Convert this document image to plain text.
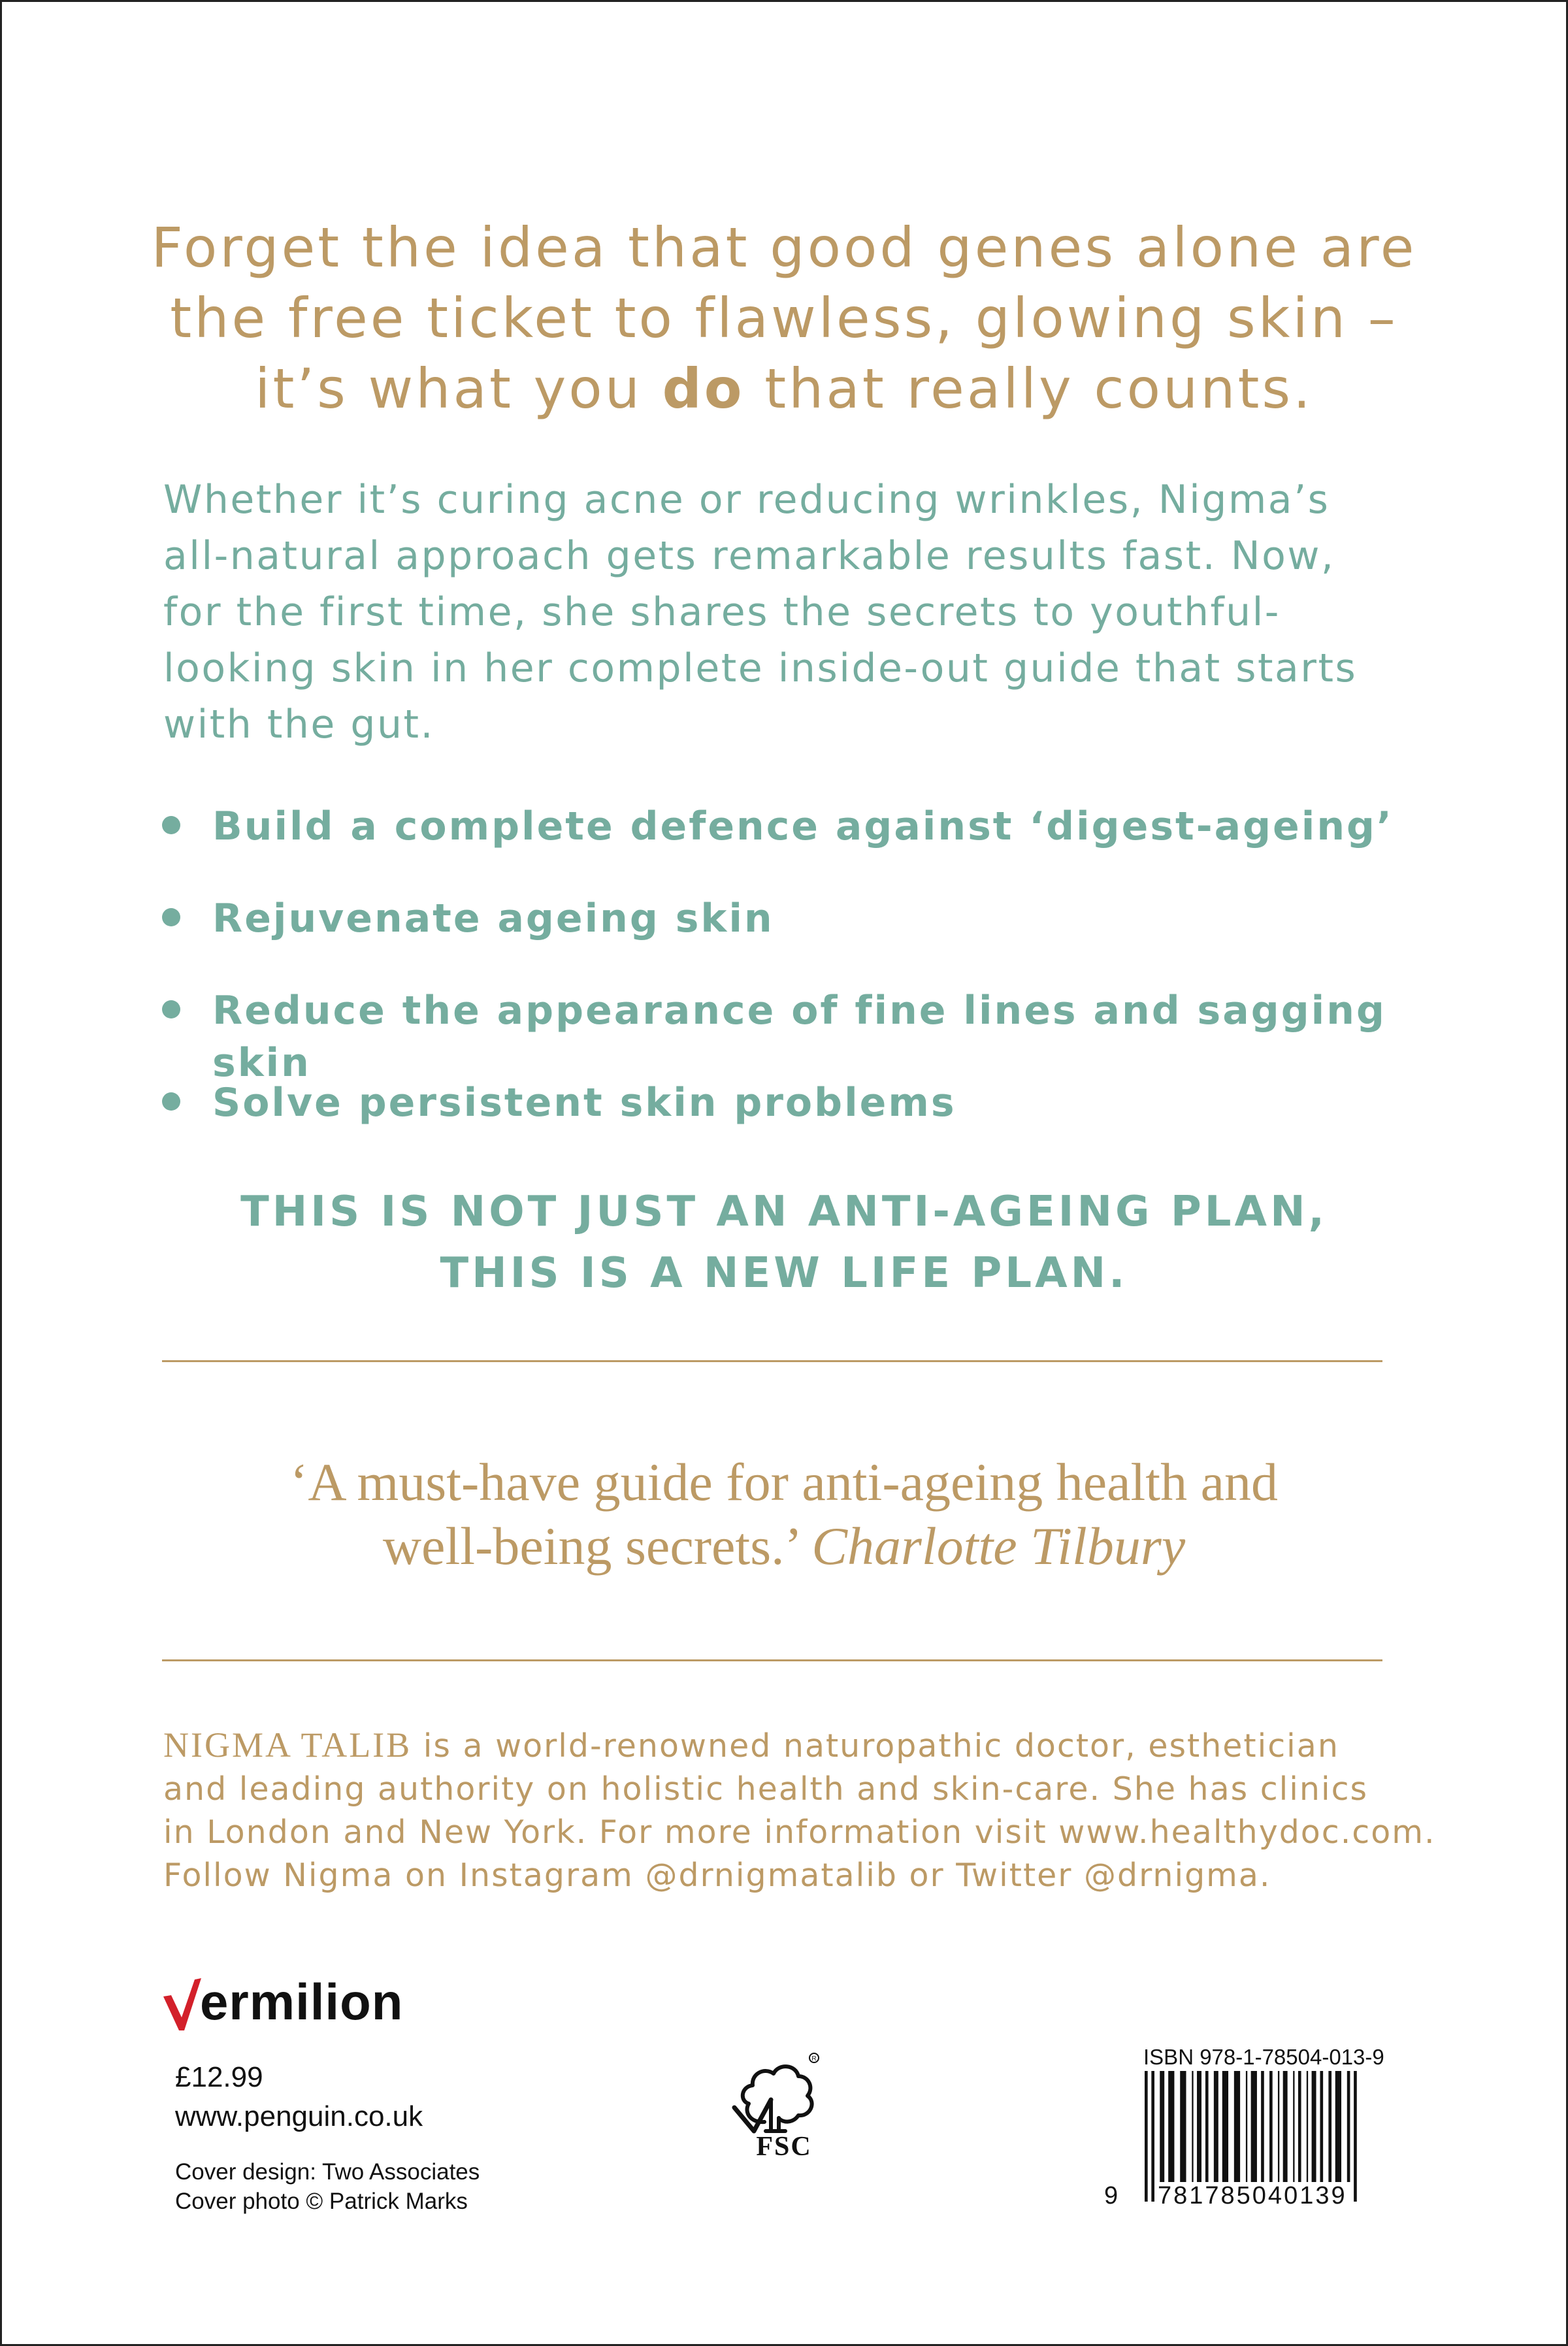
Forget the idea that good genes alone are
the free ticket to flawless, glowing skin –
it’s what you do that really counts.
Whether it’s curing acne or reducing wrinkles, Nigma’s
all-natural approach gets remarkable results fast. Now,
for the first time, she shares the secrets to youthful-
looking skin in her complete inside-out guide that starts
with the gut.
Build a complete defence against ‘digest-ageing’
Rejuvenate ageing skin
Reduce the appearance of fine lines and sagging skin
Solve persistent skin problems
THIS IS NOT JUST AN ANTI-AGEING PLAN,
THIS IS A NEW LIFE PLAN.
‘A must-have guide for anti-ageing health and
well-being secrets.’ Charlotte Tilbury
NIGMA TALIB is a world-renowned naturopathic doctor, esthetician
and leading authority on holistic health and skin-care. She has clinics
in London and New York. For more information visit www.healthydoc.com.
Follow Nigma on Instagram @drnigmatalib or Twitter @drnigma.
ermilion
£12.99
www.penguin.co.uk
Cover design: Two Associates
Cover photo © Patrick Marks
R
FSC
ISBN 978-1-78504-013-9
9 781785040139
